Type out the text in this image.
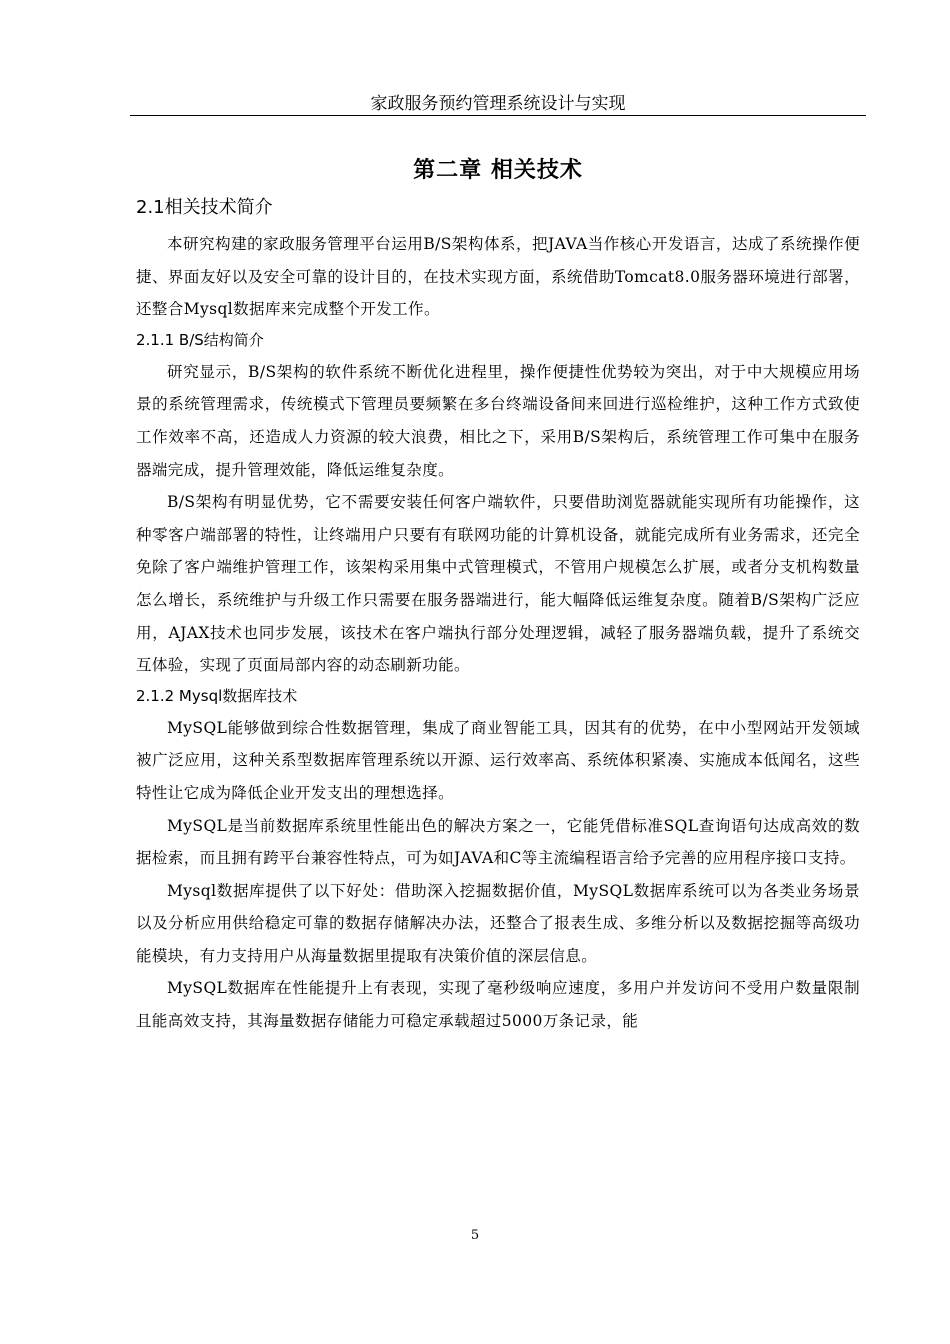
家政服务预约管理系统设计与实现
第二章 相关技术
2.1相关技术简介

本研究构建的家政服务管理平台运用B/S架构体系，把JAVA当作核心开发语言，达成了系统操作便捷、界面友好以及安全可靠的设计目的，在技术实现方面，系统借助Tomcat8.0服务器环境进行部署，还整合Mysql数据库来完成整个开发工作。

2.1.1 B/S结构简介

研究显示，B/S架构的软件系统不断优化进程里，操作便捷性优势较为突出，对于中大规模应用场景的系统管理需求，传统模式下管理员要频繁在多台终端设备间来回进行巡检维护，这种工作方式致使工作效率不高，还造成人力资源的较大浪费，相比之下，采用B/S架构后，系统管理工作可集中在服务器端完成，提升管理效能，降低运维复杂度。

B/S架构有明显优势，它不需要安装任何客户端软件，只要借助浏览器就能实现所有功能操作，这种零客户端部署的特性，让终端用户只要有有联网功能的计算机设备，就能完成所有业务需求，还完全免除了客户端维护管理工作，该架构采用集中式管理模式，不管用户规模怎么扩展，或者分支机构数量怎么增长，系统维护与升级工作只需要在服务器端进行，能大幅降低运维复杂度。随着B/S架构广泛应用，AJAX技术也同步发展，该技术在客户端执行部分处理逻辑，减轻了服务器端负载，提升了系统交互体验，实现了页面局部内容的动态刷新功能。

2.1.2 Mysql数据库技术

MySQL能够做到综合性数据管理，集成了商业智能工具，因其有的优势，在中小型网站开发领域被广泛应用，这种关系型数据库管理系统以开源、运行效率高、系统体积紧凑、实施成本低闻名，这些特性让它成为降低企业开发支出的理想选择。

MySQL是当前数据库系统里性能出色的解决方案之一，它能凭借标准SQL查询语句达成高效的数据检索，而且拥有跨平台兼容性特点，可为如JAVA和C等主流编程语言给予完善的应用程序接口支持。

Mysql数据库提供了以下好处：借助深入挖掘数据价值，MySQL数据库系统可以为各类业务场景以及分析应用供给稳定可靠的数据存储解决办法，还整合了报表生成、多维分析以及数据挖掘等高级功能模块，有力支持用户从海量数据里提取有决策价值的深层信息。

MySQL数据库在性能提升上有表现，实现了毫秒级响应速度，多用户并发访问不受用户数量限制且能高效支持，其海量数据存储能力可稳定承载超过5000万条记录，能

5
